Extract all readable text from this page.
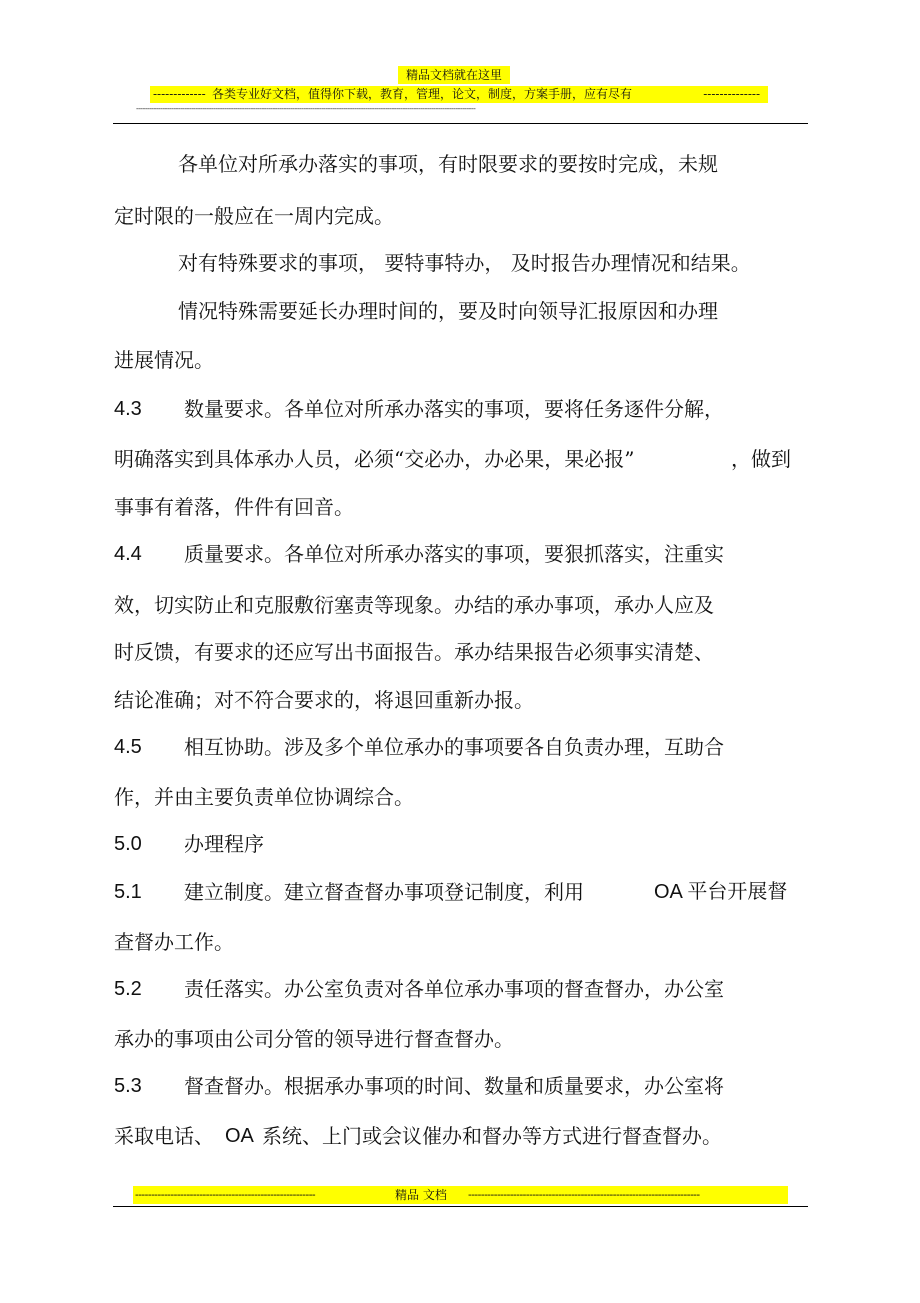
精品文档就在这里
------------- 各类专业好文档，值得你下载，教育，管理，论文，制度，方案手册，应有尽有	--------------
----------------------------------------------------------------------------------------------------------------------------------------------------------
各单位对所承办落实的事项，有时限要求的要按时完成，未规
定时限的一般应在一周内完成。
对有特殊要求的事项， 要特事特办， 及时报告办理情况和结果。
情况特殊需要延长办理时间的，要及时向领导汇报原因和办理
进展情况。
4.3 数量要求。各单位对所承办落实的事项，要将任务逐件分解，
明确落实到具体承办人员，必须“交必办，办必果，果必报”	，做到
事事有着落，件件有回音。
4.4 质量要求。各单位对所承办落实的事项，要狠抓落实，注重实
效，切实防止和克服敷衍塞责等现象。办结的承办事项，承办人应及
时反馈，有要求的还应写出书面报告。承办结果报告必须事实清楚、
结论准确；对不符合要求的，将退回重新办报。
4.5 相互协助。涉及多个单位承办的事项要各自负责办理，互助合
作，并由主要负责单位协调综合。
5.0 办理程序
5.1 建立制度。建立督查督办事项登记制度，利用	OA 平台开展督
查督办工作。
5.2 责任落实。办公室负责对各单位承办事项的督查督办，办公室
承办的事项由公司分管的领导进行督查督办。
5.3 督查督办。根据承办事项的时间、数量和质量要求，办公室将
采取电话、 OA 系统、上门或会议催办和督办等方式进行督查督办。
--------------------------------------------------------	精品 文档 ------------------------------------------------------------------------
